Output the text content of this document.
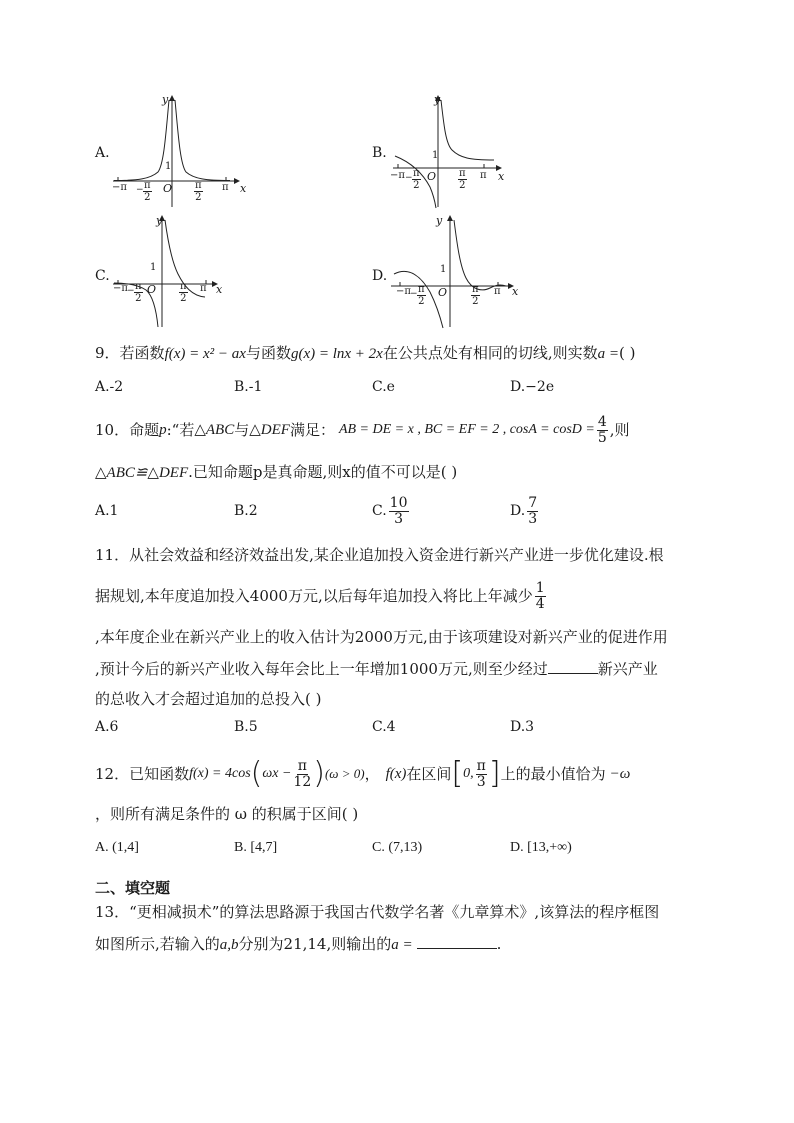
A.
y
x
O
1
−π	π
− $\frac{\pi}{2}$	$\frac{\pi}{2}$
B.
y
x
O
1
−π	π
− $\frac{\pi}{2}$	$\frac{\pi}{2}$
C.
y
x
O
1
−π	π
− $\frac{\pi}{2}$	$\frac{\pi}{2}$
D.
y
x
O
1
−π	π
− $\frac{\pi}{2}$	$\frac{\pi}{2}$
9．若函数f(x) = x² − ax与函数g(x) = lnx + 2x在公共点处有相同的切线,则实数a =( )
A.-2	B.-1	C.e	D.−2e
10． 命题 p :“若 △ABC 与 △DEF 满足： AB = DE = x , BC = EF = 2 , $\cos A = \cos D = \frac{4}{5}$ ,则
△ABC≌△DEF.已知命题p是真命题,则x的值不可以是( )
A.1	B.2	C. $\frac{10}{3}$	D. $\frac{7}{3}$
11．从社会效益和经济效益出发,某企业追加投入资金进行新兴产业进一步优化建设.根
据规划,本年度追加投入4000万元,以后每年追加投入将比上年减少 $\frac{1}{4}$
,本年度企业在新兴产业上的收入估计为2000万元,由于该项建设对新兴产业的促进作用
,预计今后的新兴产业收入每年会比上一年增加1000万元,则至少经过	新兴产业
的总收入才会超过追加的总投入( )
A.6	B.5	C.4	D.3
12． 已知函数 f(x) = 4cos ( $\omega x - \frac{\pi}{12}$ ) (ω > 0) ， f(x) 在区间 [ 0, $\frac{\pi}{3}$ ] 上的最小值恰为 −ω
，则所有满足条件的 ω 的积属于区间( )
A. (1,4]	B. [4,7]	C. (7,13)	D. [13,+∞)
二、填空题
13．“更相减损术”的算法思路源于我国古代数学名著《九章算术》,该算法的程序框图
如图所示,若输入的a,b分别为21,14,则输出的a =	.
